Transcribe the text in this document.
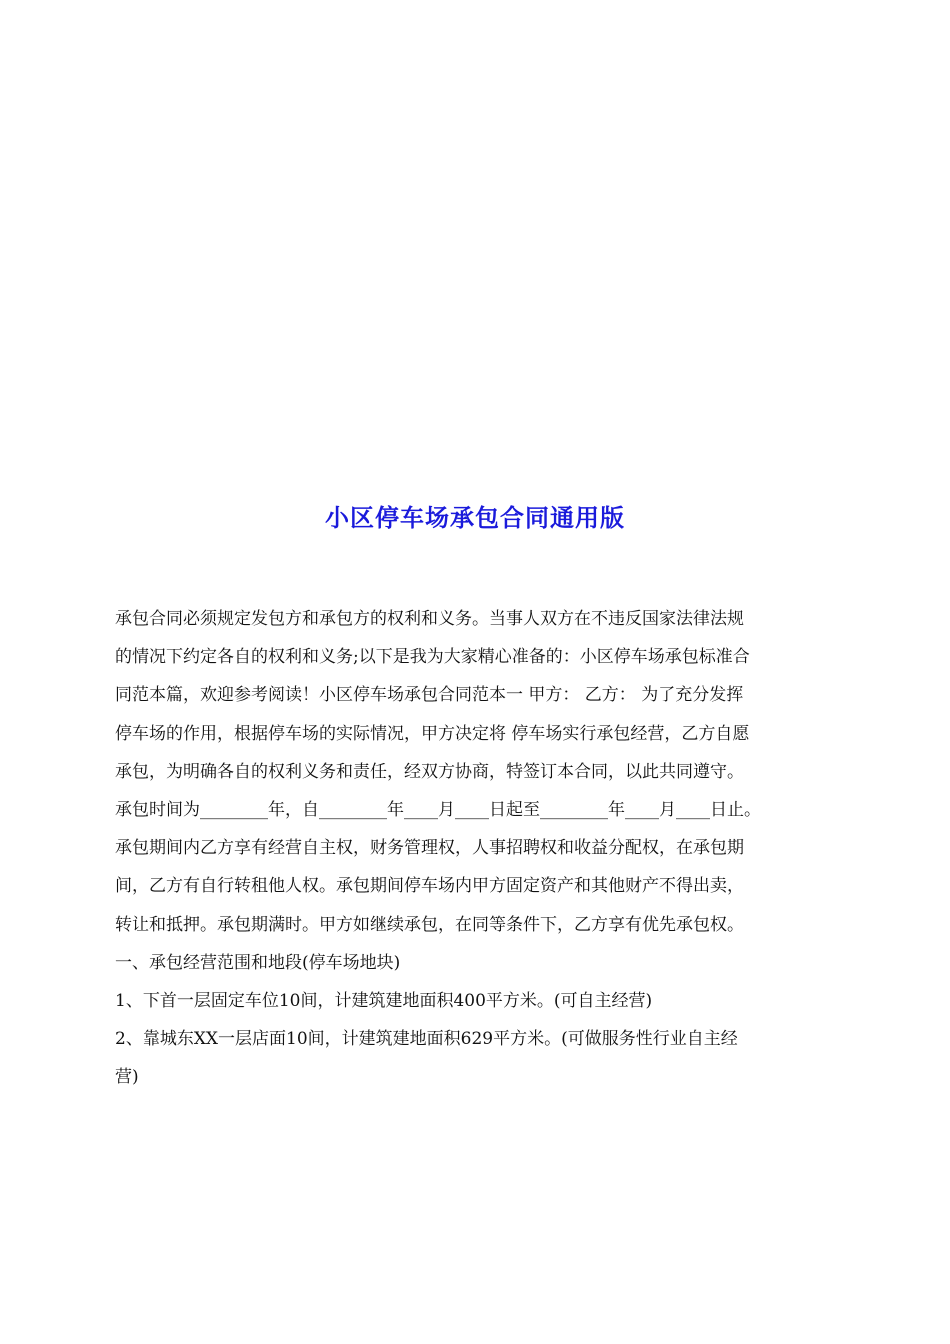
小区停车场承包合同通用版

承包合同必须规定发包方和承包方的权利和义务。当事人双方在不违反国家法律法规

的情况下约定各自的权利和义务;以下是我为大家精心准备的：小区停车场承包标准合

同范本篇，欢迎参考阅读！小区停车场承包合同范本一 甲方： 乙方： 为了充分发挥

停车场的作用，根据停车场的实际情况，甲方决定将 停车场实行承包经营，乙方自愿

承包，为明确各自的权利义务和责任，经双方协商，特签订本合同，以此共同遵守。

承包时间为________年，自________年____月____日起至________年____月____日止。

承包期间内乙方享有经营自主权，财务管理权，人事招聘权和收益分配权，在承包期

间，乙方有自行转租他人权。承包期间停车场内甲方固定资产和其他财产不得出卖，

转让和抵押。承包期满时。甲方如继续承包，在同等条件下，乙方享有优先承包权。

一、承包经营范围和地段(停车场地块)

1、下首一层固定车位10间，计建筑建地面积400平方米。(可自主经营)

2、靠城东XX一层店面10间，计建筑建地面积629平方米。(可做服务性行业自主经

营)
